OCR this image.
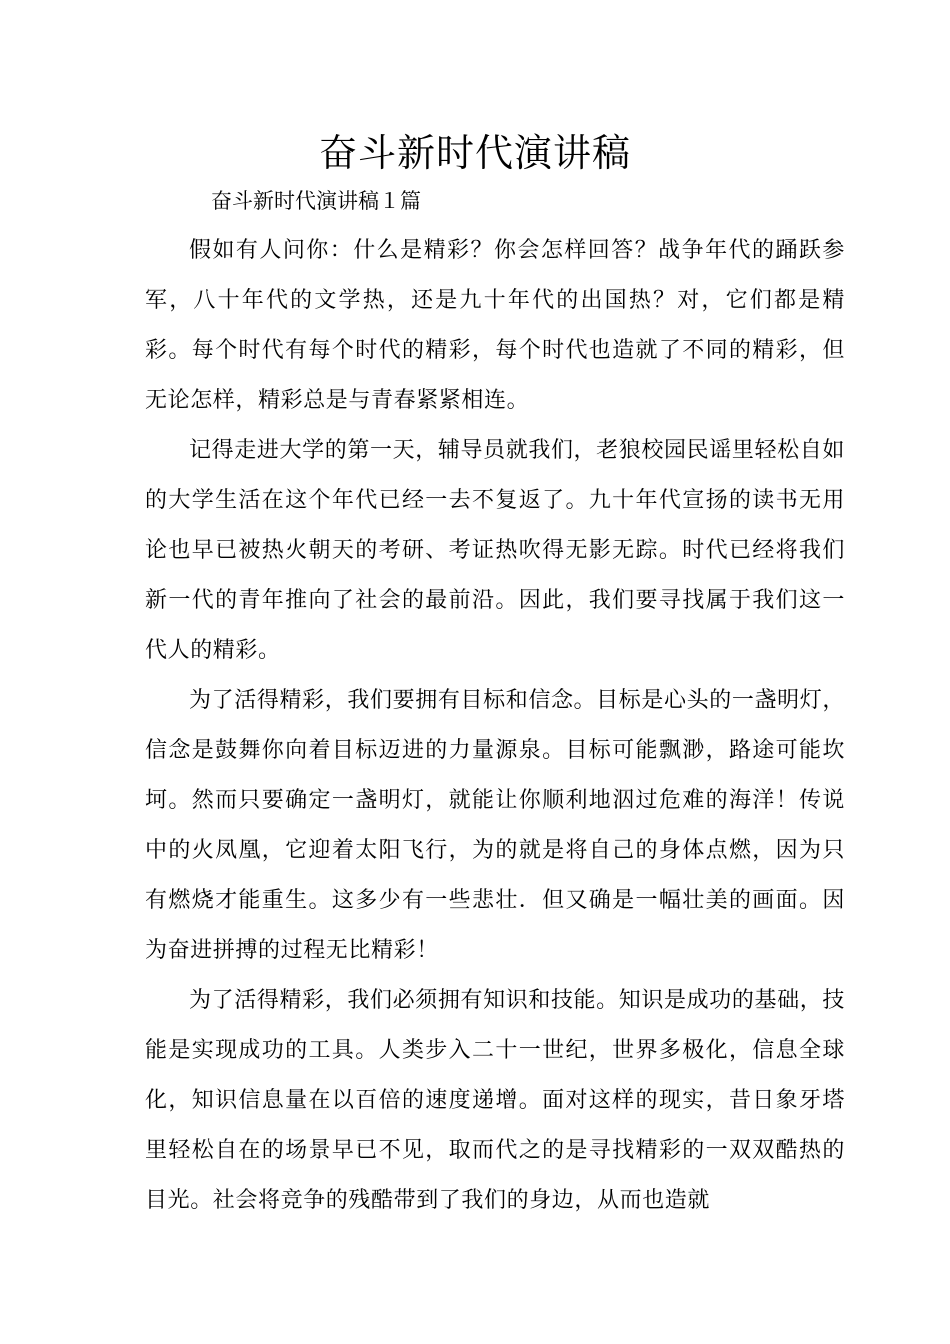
奋斗新时代演讲稿

奋斗新时代演讲稿１篇

假如有人问你：什么是精彩？你会怎样回答？战争年代的踊跃参军，八十年代的文学热，还是九十年代的出国热？对，它们都是精彩。每个时代有每个时代的精彩，每个时代也造就了不同的精彩，但无论怎样，精彩总是与青春紧紧相连。

记得走进大学的第一天，辅导员就我们，老狼校园民谣里轻松自如的大学生活在这个年代已经一去不复返了。九十年代宣扬的读书无用论也早已被热火朝天的考研、考证热吹得无影无踪。时代已经将我们新一代的青年推向了社会的最前沿。因此，我们要寻找属于我们这一代人的精彩。

为了活得精彩，我们要拥有目标和信念。目标是心头的一盏明灯，信念是鼓舞你向着目标迈进的力量源泉。目标可能飘渺，路途可能坎坷。然而只要确定一盏明灯，就能让你顺利地泅过危难的海洋！传说中的火凤凰，它迎着太阳飞行，为的就是将自己的身体点燃，因为只有燃烧才能重生。这多少有一些悲壮．但又确是一幅壮美的画面。因为奋进拼搏的过程无比精彩！

为了活得精彩，我们必须拥有知识和技能。知识是成功的基础，技能是实现成功的工具。人类步入二十一世纪，世界多极化，信息全球化，知识信息量在以百倍的速度递增。面对这样的现实，昔日象牙塔里轻松自在的场景早已不见，取而代之的是寻找精彩的一双双酷热的目光。社会将竞争的残酷带到了我们的身边，从而也造就
